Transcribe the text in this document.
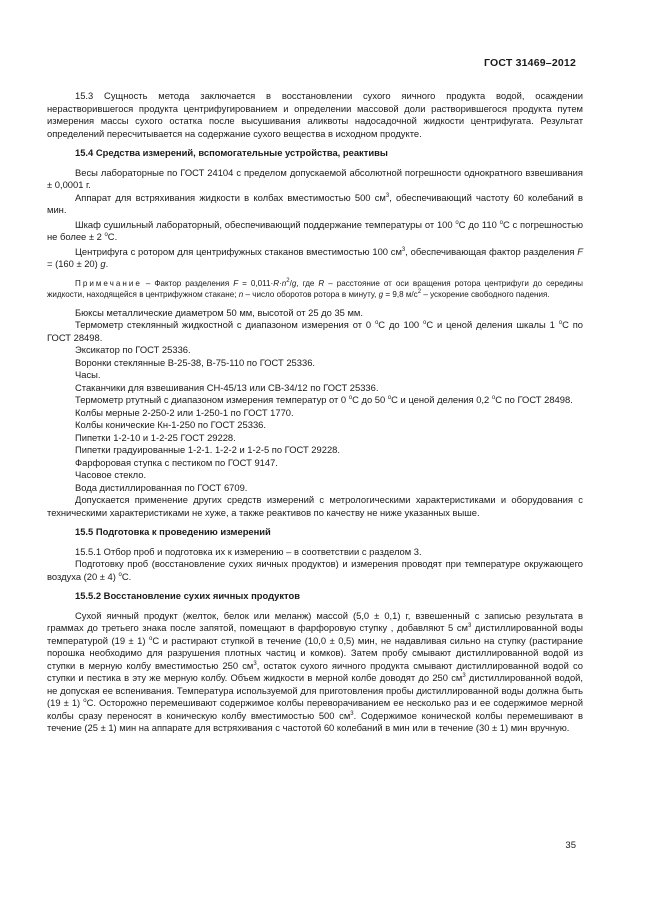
ГОСТ 31469–2012

15.3 Сущность метода заключается в восстановлении сухого яичного продукта водой, осаждении нерастворившегося продукта центрифугированием и определении массовой доли растворившегося продукта путем измерения массы сухого остатка после высушивания аликвоты надосадочной жидкости центрифугата. Результат определений пересчитывается на содержание сухого вещества в исходном продукте.

15.4 Средства измерений, вспомогательные устройства, реактивы

Весы лабораторные по ГОСТ 24104 с пределом допускаемой абсолютной погрешности однократного взвешивания ± 0,0001 г.

Аппарат для встряхивания жидкости в колбах вместимостью 500 $см^3$, обеспечивающий частоту 60 колебаний в мин.

Шкаф сушильный лабораторный, обеспечивающий поддержание температуры от 100 $^о$С до 110 $^о$С с погрешностью не более ± 2 $^о$С.

Центрифуга с ротором для центрифужных стаканов вместимостью 100 $см^3$, обеспечивающая фактор разделения F = (160 ± 20) g.

Примечание – Фактор разделения $F = 0,011\cdot R\cdot n^2/g$, где R – расстояние от оси вращения ротора центрифуги до середины жидкости, находящейся в центрифужном стакане; n – число оборотов ротора в минуту, g = 9,8 $м/с^2$ – ускорение свободного падения.

Бюксы металлические диаметром 50 мм, высотой от 25 до 35 мм.

Термометр стеклянный жидкостной с диапазоном измерения от 0 $^о$С до 100 $^о$С и ценой деления шкалы 1 $^о$С по ГОСТ 28498.

Эксикатор по ГОСТ 25336.

Воронки стеклянные В-25-38, В-75-110 по ГОСТ 25336.

Часы.

Стаканчики для взвешивания СН-45/13 или СВ-34/12 по ГОСТ 25336.

Термометр ртутный с диапазоном измерения температур от 0 $^о$С до 50 $^о$С и ценой деления 0,2 $^о$С по ГОСТ 28498.

Колбы мерные 2-250-2 или 1-250-1 по ГОСТ 1770.

Колбы конические Кн-1-250 по ГОСТ 25336.

Пипетки 1-2-10 и 1-2-25 ГОСТ 29228.

Пипетки градуированные 1-2-1. 1-2-2 и 1-2-5 по ГОСТ 29228.

Фарфоровая ступка с пестиком по ГОСТ 9147.

Часовое стекло.

Вода дистиллированная по ГОСТ 6709.

Допускается применение других средств измерений с метрологическими характеристиками и оборудования с техническими характеристиками не хуже, а также реактивов по качеству не ниже указанных выше.

15.5 Подготовка к проведению измерений

15.5.1 Отбор проб и подготовка их к измерению – в соответствии с разделом 3.

Подготовку проб (восстановление сухих яичных продуктов) и измерения проводят при температуре окружающего воздуха (20 ± 4) $^о$С.

15.5.2 Восстановление сухих яичных продуктов

Сухой яичный продукт (желток, белок или меланж) массой (5,0 ± 0,1) г, взвешенный с записью результата в граммах до третьего знака после запятой, помещают в фарфоровую ступку , добавляют 5 $см^3$ дистиллированной воды температурой (19 ± 1) $^о$С и растирают ступкой в течение (10,0 ± 0,5) мин, не надавливая сильно на ступку (растирание порошка необходимо для разрушения плотных частиц и комков). Затем пробу смывают дистиллированной водой из ступки в мерную колбу вместимостью 250 $см^3$, остаток сухого яичного продукта смывают дистиллированной водой со ступки и пестика в эту же мерную колбу. Объем жидкости в мерной колбе доводят до 250 $см^3$ дистиллированной водой, не допуская ее вспенивания. Температура используемой для приготовления пробы дистиллированной воды должна быть (19 ± 1) $^о$С. Осторожно перемешивают содержимое колбы переворачиванием ее несколько раз и ее содержимое мерной колбы сразу переносят в коническую колбу вместимостью 500 $см^3$. Содержимое конической колбы перемешивают в течение (25 ± 1) мин на аппарате для встряхивания с частотой 60 колебаний в мин или в течение (30 ± 1) мин вручную.

35
